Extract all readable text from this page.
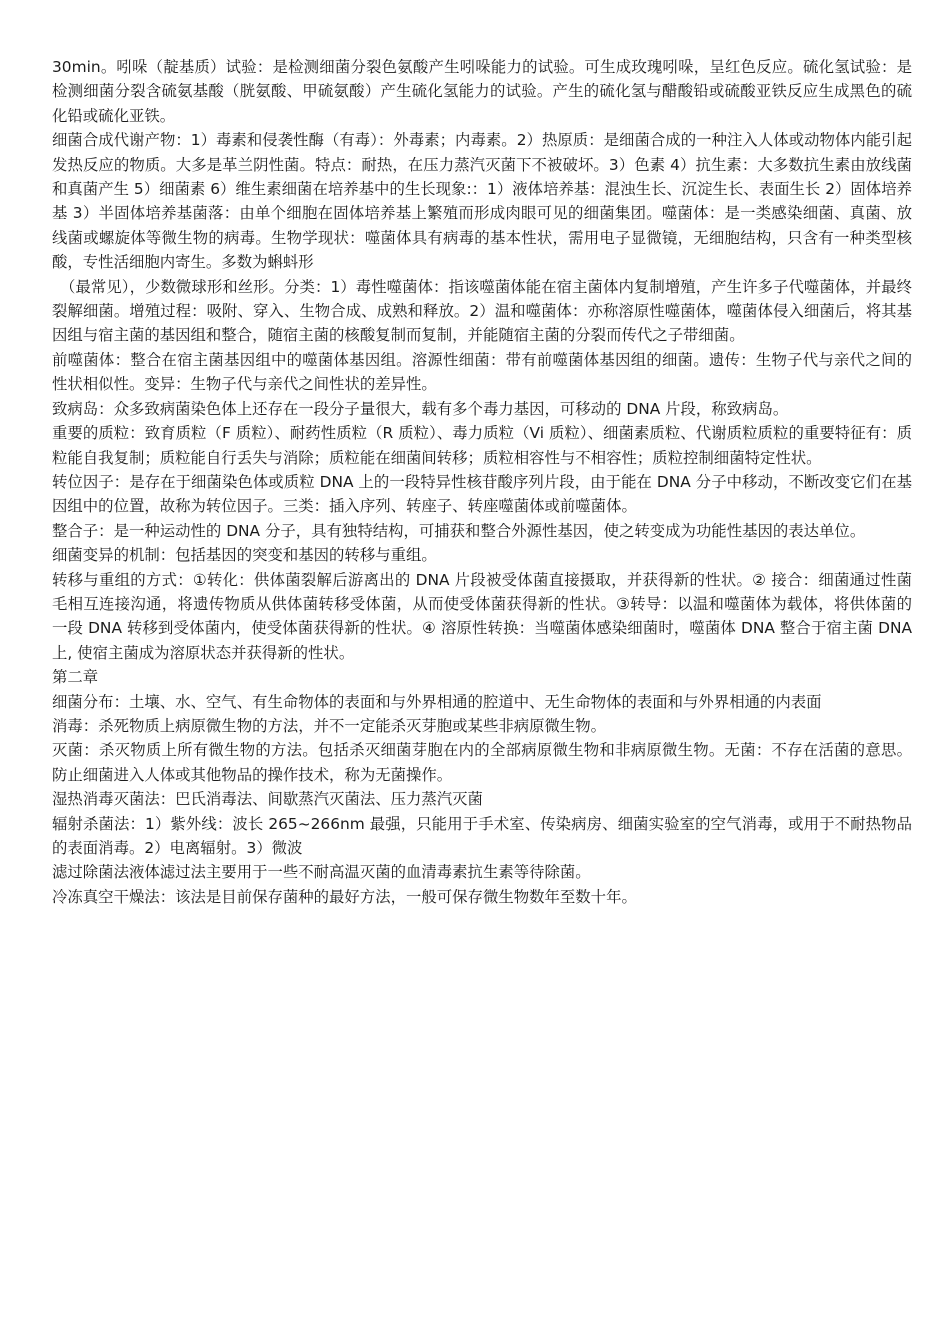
30min。吲哚（靛基质）试验：是检测细菌分裂色氨酸产生吲哚能力的试验。可生成玫瑰吲哚，呈红色反应。硫化氢试验：是检测细菌分裂含硫氨基酸（胱氨酸、甲硫氨酸）产生硫化氢能力的试验。产生的硫化氢与醋酸铅或硫酸亚铁反应生成黑色的硫化铅或硫化亚铁。

细菌合成代谢产物：1）毒素和侵袭性酶（有毒）：外毒素；内毒素。2）热原质：是细菌合成的一种注入人体或动物体内能引起发热反应的物质。大多是革兰阴性菌。特点：耐热，在压力蒸汽灭菌下不被破坏。3）色素 4）抗生素：大多数抗生素由放线菌和真菌产生 5）细菌素 6）维生素细菌在培养基中的生长现象:：1）液体培养基：混浊生长、沉淀生长、表面生长 2）固体培养基 3）半固体培养基菌落：由单个细胞在固体培养基上繁殖而形成肉眼可见的细菌集团。噬菌体：是一类感染细菌、真菌、放线菌或螺旋体等微生物的病毒。生物学现状：噬菌体具有病毒的基本性状，需用电子显微镜，无细胞结构，只含有一种类型核酸，专性活细胞内寄生。多数为蝌蚪形

（最常见），少数微球形和丝形。分类：1）毒性噬菌体：指该噬菌体能在宿主菌体内复制增殖，产生许多子代噬菌体，并最终裂解细菌。增殖过程：吸附、穿入、生物合成、成熟和释放。2）温和噬菌体：亦称溶原性噬菌体，噬菌体侵入细菌后，将其基因组与宿主菌的基因组和整合，随宿主菌的核酸复制而复制，并能随宿主菌的分裂而传代之子带细菌。

前噬菌体：整合在宿主菌基因组中的噬菌体基因组。溶源性细菌：带有前噬菌体基因组的细菌。遗传：生物子代与亲代之间的性状相似性。变异：生物子代与亲代之间性状的差异性。

致病岛：众多致病菌染色体上还存在一段分子量很大，载有多个毒力基因，可移动的 DNA 片段，称致病岛。

重要的质粒：致育质粒（F 质粒）、耐药性质粒（R 质粒）、毒力质粒（Vi 质粒）、细菌素质粒、代谢质粒质粒的重要特征有：质粒能自我复制；质粒能自行丢失与消除；质粒能在细菌间转移；质粒相容性与不相容性；质粒控制细菌特定性状。

转位因子：是存在于细菌染色体或质粒 DNA 上的一段特异性核苷酸序列片段，由于能在 DNA 分子中移动，不断改变它们在基因组中的位置，故称为转位因子。三类：插入序列、转座子、转座噬菌体或前噬菌体。

整合子：是一种运动性的 DNA 分子，具有独特结构，可捕获和整合外源性基因，使之转变成为功能性基因的表达单位。

细菌变异的机制：包括基因的突变和基因的转移与重组。

转移与重组的方式：①转化：供体菌裂解后游离出的 DNA 片段被受体菌直接摄取，并获得新的性状。② 接合：细菌通过性菌毛相互连接沟通，将遗传物质从供体菌转移受体菌，从而使受体菌获得新的性状。③转导：以温和噬菌体为载体，将供体菌的一段 DNA 转移到受体菌内，使受体菌获得新的性状。④ 溶原性转换：当噬菌体感染细菌时，噬菌体 DNA 整合于宿主菌 DNA 上, 使宿主菌成为溶原状态并获得新的性状。

第二章

细菌分布：土壤、水、空气、有生命物体的表面和与外界相通的腔道中、无生命物体的表面和与外界相通的内表面

消毒：杀死物质上病原微生物的方法，并不一定能杀灭芽胞或某些非病原微生物。

灭菌：杀灭物质上所有微生物的方法。包括杀灭细菌芽胞在内的全部病原微生物和非病原微生物。无菌：不存在活菌的意思。防止细菌进入人体或其他物品的操作技术，称为无菌操作。

湿热消毒灭菌法：巴氏消毒法、间歇蒸汽灭菌法、压力蒸汽灭菌

辐射杀菌法：1）紫外线：波长 265~266nm 最强，只能用于手术室、传染病房、细菌实验室的空气消毒，或用于不耐热物品的表面消毒。2）电离辐射。3）微波

滤过除菌法液体滤过法主要用于一些不耐高温灭菌的血清毒素抗生素等待除菌。

冷冻真空干燥法：该法是目前保存菌种的最好方法，一般可保存微生物数年至数十年。
